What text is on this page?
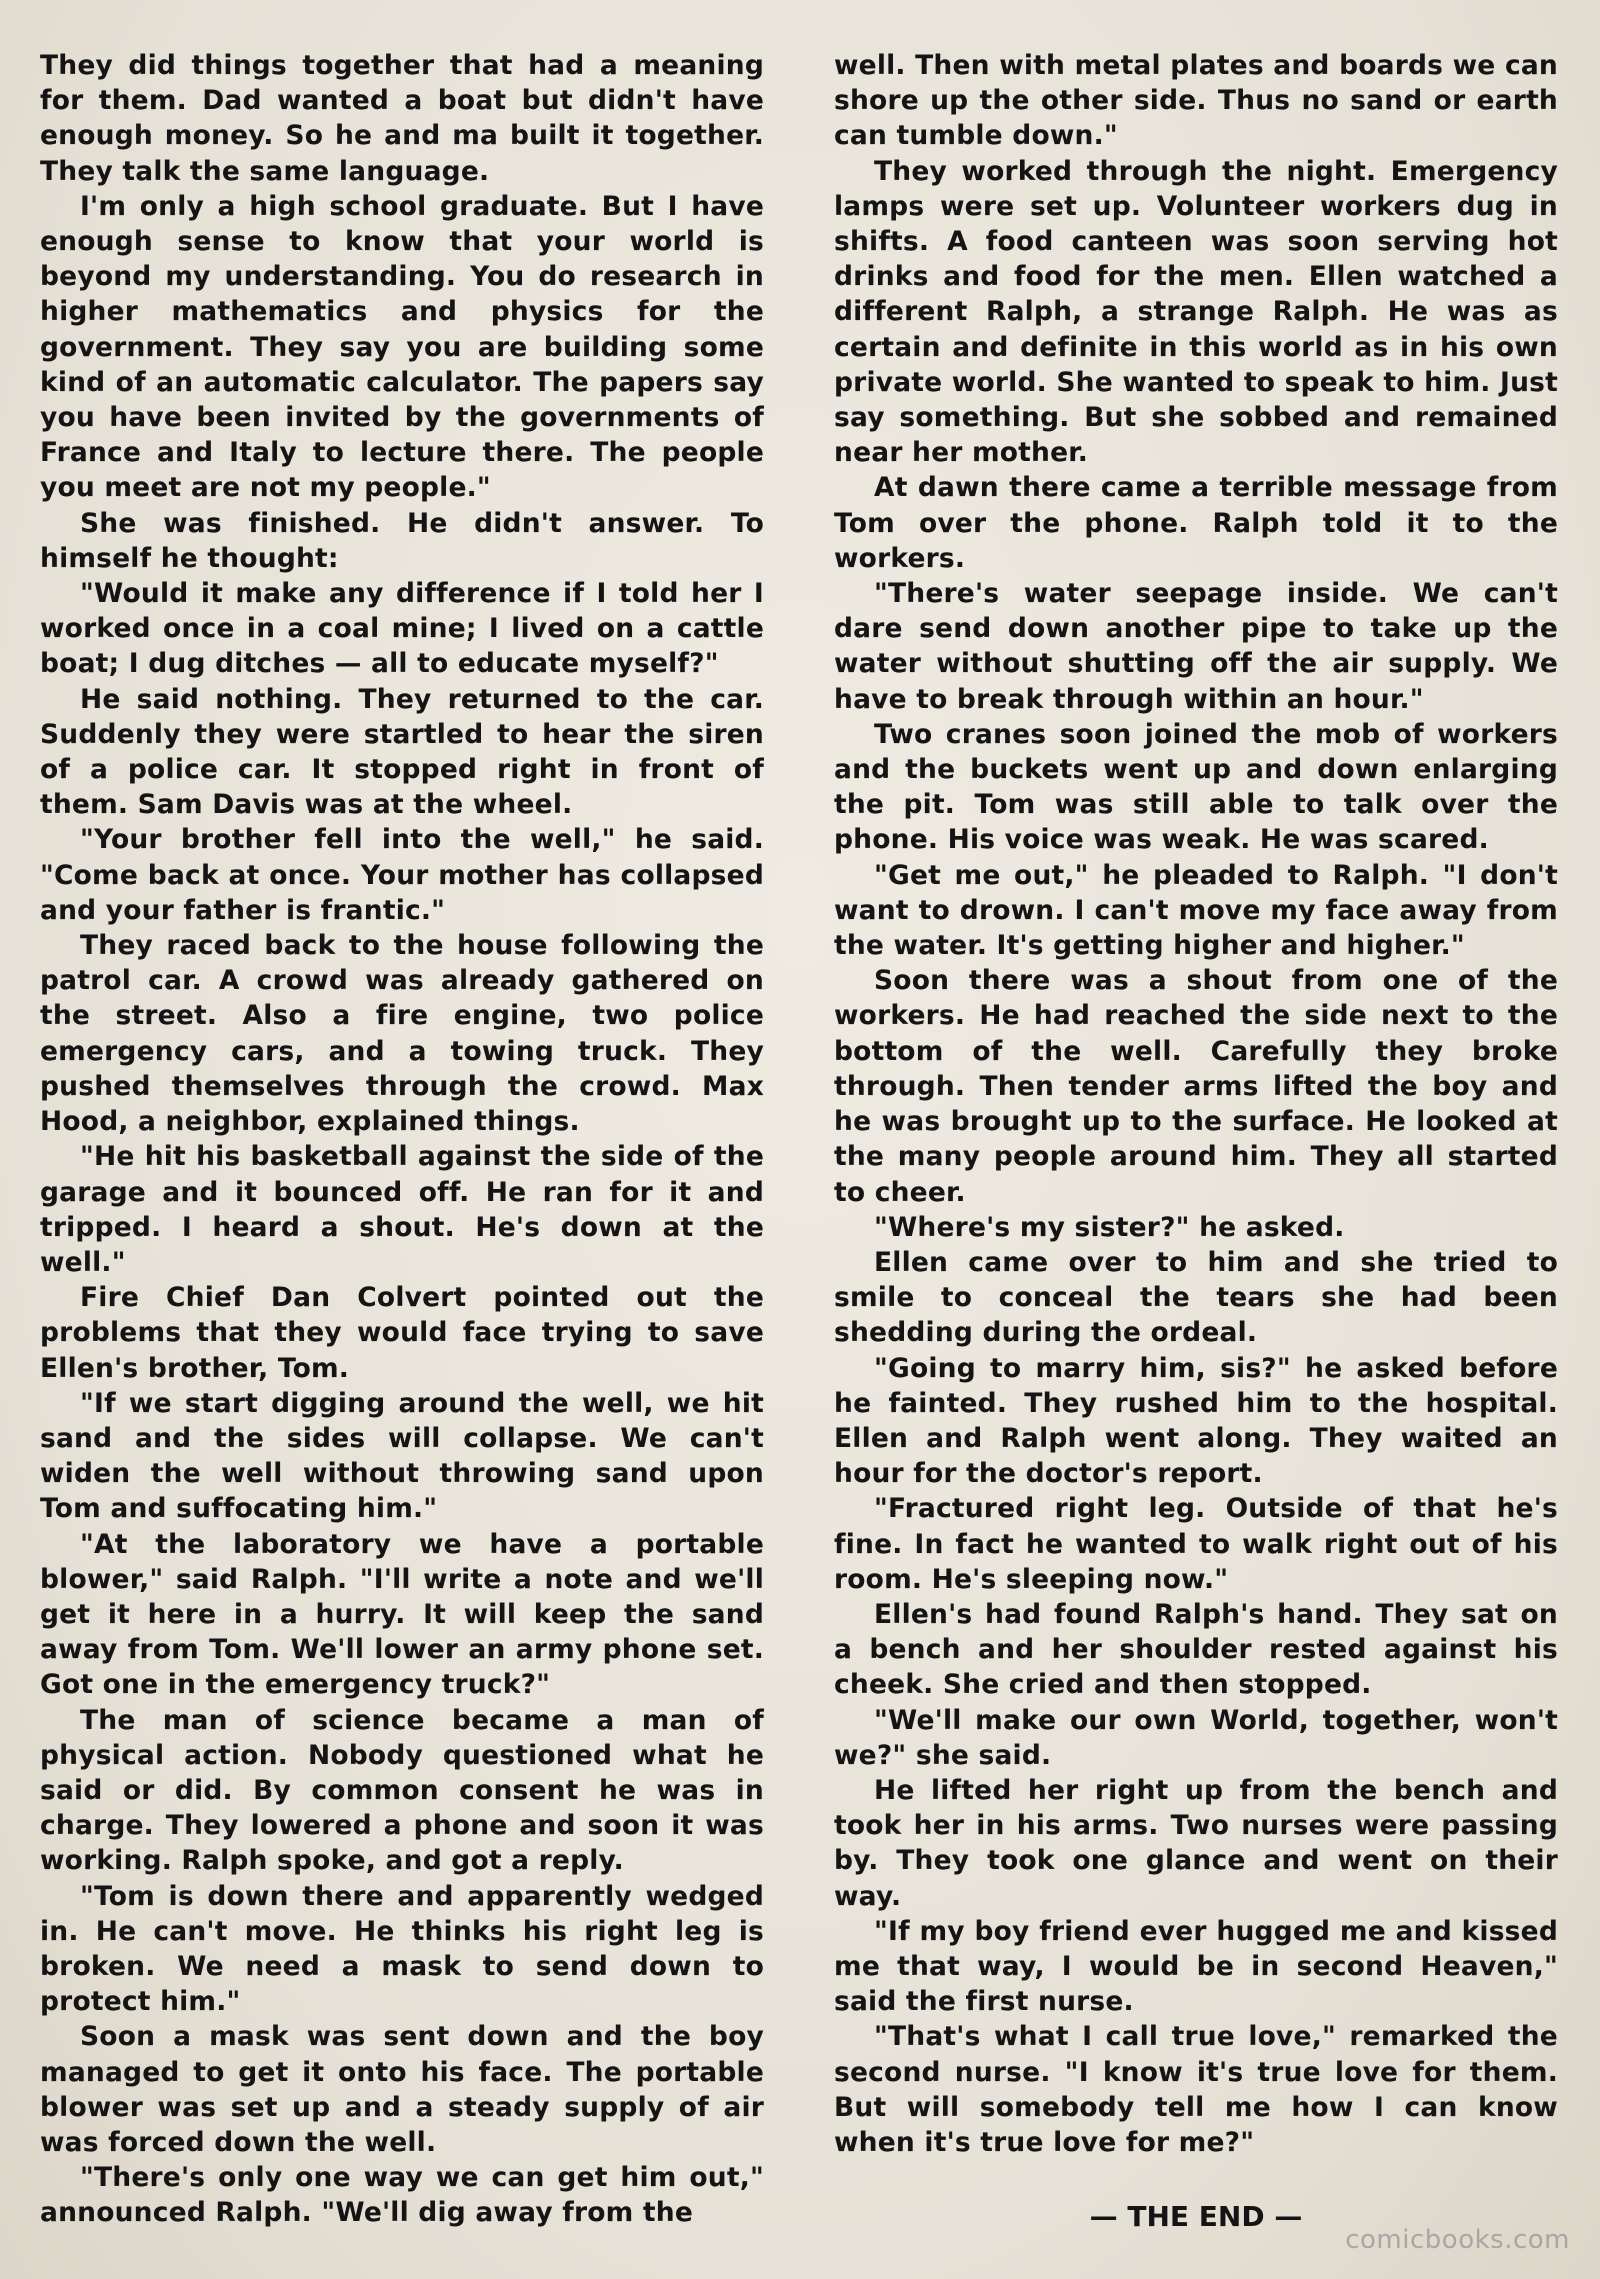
They did things together that had a meaning for them. Dad wanted a boat but didn't have enough money. So he and ma built it together. They talk the same language.

I'm only a high school graduate. But I have enough sense to know that your world is beyond my understanding. You do research in higher mathematics and physics for the government. They say you are building some kind of an automatic calculator. The papers say you have been invited by the governments of France and Italy to lecture there. The people you meet are not my people."

She was finished. He didn't answer. To himself he thought:

"Would it make any difference if I told her I worked once in a coal mine; I lived on a cattle boat; I dug ditches — all to educate myself?"

He said nothing. They returned to the car. Suddenly they were startled to hear the siren of a police car. It stopped right in front of them. Sam Davis was at the wheel.

"Your brother fell into the well," he said. "Come back at once. Your mother has collapsed and your father is frantic."

They raced back to the house following the patrol car. A crowd was already gathered on the street. Also a fire engine, two police emergency cars, and a towing truck. They pushed themselves through the crowd. Max Hood, a neighbor, explained things.

"He hit his basketball against the side of the garage and it bounced off. He ran for it and tripped. I heard a shout. He's down at the well."

Fire Chief Dan Colvert pointed out the problems that they would face trying to save Ellen's brother, Tom.

"If we start digging around the well, we hit sand and the sides will collapse. We can't widen the well without throwing sand upon Tom and suffocating him."

"At the laboratory we have a portable blower," said Ralph. "I'll write a note and we'll get it here in a hurry. It will keep the sand away from Tom. We'll lower an army phone set. Got one in the emergency truck?"

The man of science became a man of physical action. Nobody questioned what he said or did. By common consent he was in charge. They lowered a phone and soon it was working. Ralph spoke, and got a reply.

"Tom is down there and apparently wedged in. He can't move. He thinks his right leg is broken. We need a mask to send down to protect him."

Soon a mask was sent down and the boy managed to get it onto his face. The portable blower was set up and a steady supply of air was forced down the well.

"There's only one way we can get him out," announced Ralph. "We'll dig away from the

well. Then with metal plates and boards we can shore up the other side. Thus no sand or earth can tumble down."

They worked through the night. Emergency lamps were set up. Volunteer workers dug in shifts. A food canteen was soon serving hot drinks and food for the men. Ellen watched a different Ralph, a strange Ralph. He was as certain and definite in this world as in his own private world. She wanted to speak to him. Just say something. But she sobbed and remained near her mother.

At dawn there came a terrible message from Tom over the phone. Ralph told it to the workers.

"There's water seepage inside. We can't dare send down another pipe to take up the water without shutting off the air supply. We have to break through within an hour."

Two cranes soon joined the mob of workers and the buckets went up and down enlarging the pit. Tom was still able to talk over the phone. His voice was weak. He was scared.

"Get me out," he pleaded to Ralph. "I don't want to drown. I can't move my face away from the water. It's getting higher and higher."

Soon there was a shout from one of the workers. He had reached the side next to the bottom of the well. Carefully they broke through. Then tender arms lifted the boy and he was brought up to the surface. He looked at the many people around him. They all started to cheer.

"Where's my sister?" he asked.

Ellen came over to him and she tried to smile to conceal the tears she had been shedding during the ordeal.

"Going to marry him, sis?" he asked before he fainted. They rushed him to the hospital. Ellen and Ralph went along. They waited an hour for the doctor's report.

"Fractured right leg. Outside of that he's fine. In fact he wanted to walk right out of his room. He's sleeping now."

Ellen's had found Ralph's hand. They sat on a bench and her shoulder rested against his cheek. She cried and then stopped.

"We'll make our own World, together, won't we?" she said.

He lifted her right up from the bench and took her in his arms. Two nurses were passing by. They took one glance and went on their way.

"If my boy friend ever hugged me and kissed me that way, I would be in second Heaven," said the first nurse.

"That's what I call true love," remarked the second nurse. "I know it's true love for them. But will somebody tell me how I can know when it's true love for me?"

— THE END —
comicbooks.com
